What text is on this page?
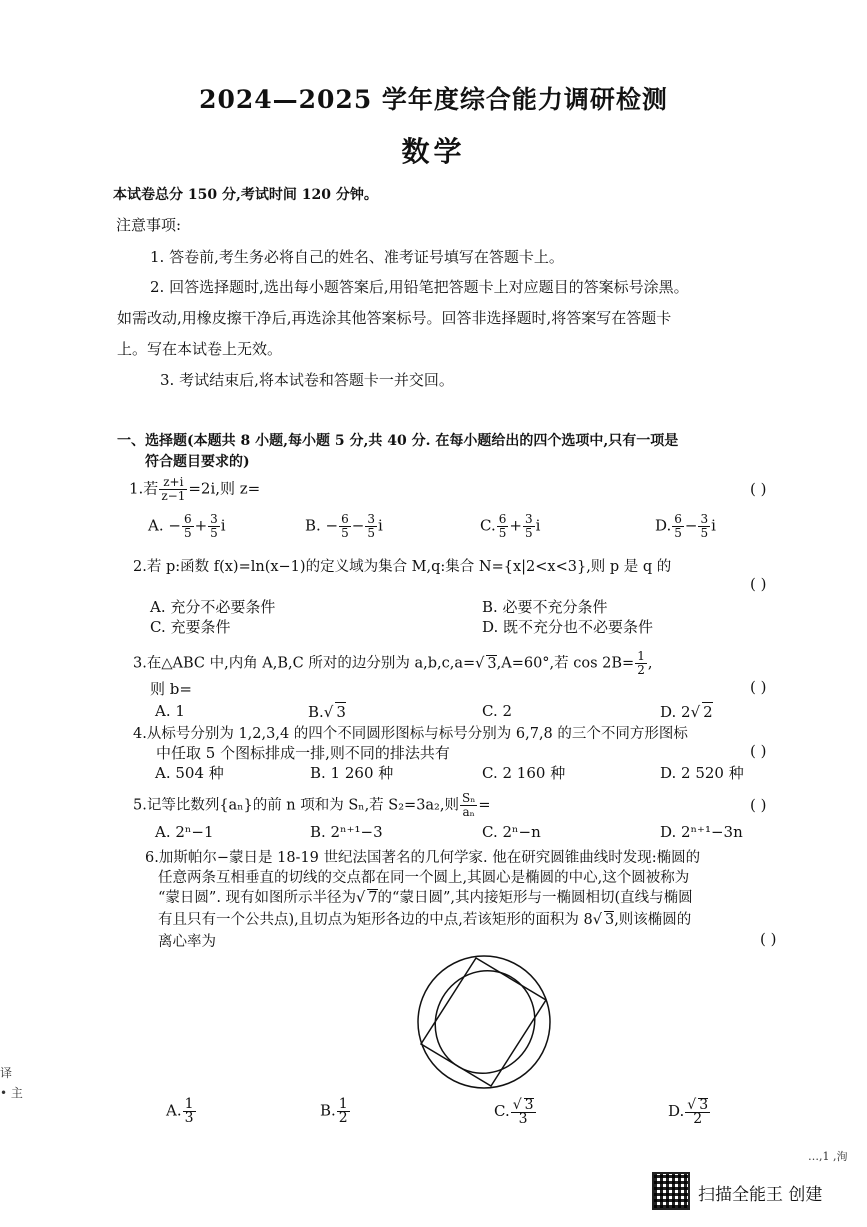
2024—2025 学年度综合能力调研检测
数学
本试卷总分 150 分,考试时间 120 分钟。
注意事项:
1. 答卷前,考生务必将自己的姓名、准考证号填写在答题卡上。
2. 回答选择题时,选出每小题答案后,用铅笔把答题卡上对应题目的答案标号涂黑。
如需改动,用橡皮擦干净后,再选涂其他答案标号。回答非选择题时,将答案写在答题卡
上。写在本试卷上无效。
3. 考试结束后,将本试卷和答题卡一并交回。
一、选择题(本题共 8 小题,每小题 5 分,共 40 分. 在每小题给出的四个选项中,只有一项是
符合题目要求的)
1.若 $\frac{z+i}{z-1} =2i$,则 z=	( )
A. − $\frac{6}{5} + \frac{3}{5}$ i	B. − $\frac{6}{5} - \frac{3}{5}$ i	C. $\frac{6}{5} + \frac{3}{5}$ i	D. $\frac{6}{5} - \frac{3}{5}$ i
2.若 p:函数 f(x)=ln(x−1)的定义域为集合 M,q:集合 N={x|2<x<3},则 p 是 q 的
( )
A. 充分不必要条件	B. 必要不充分条件
C. 充要条件	D. 既不充分也不必要条件
3.在△ABC 中,内角 A,B,C 所对的边分别为 a,b,c,a=√ 3,A=60°,若 $\cos 2B= \frac{1}{2}$ ,
则 b=	( )
A. 1	B.√ 3	C. 2	D. 2√ 2
4.从标号分别为 1,2,3,4 的四个不同圆形图标与标号分别为 6,7,8 的三个不同方形图标
中任取 5 个图标排成一排,则不同的排法共有	( )
A. 504 种	B. 1 260 种	C. 2 160 种	D. 2 520 种
5.记等比数列{aₙ}的前 n 项和为 Sₙ,若 S₂=3a₂,则 $\frac{\text{Sₙ}}{\text{aₙ}}$ =	( )
A. 2ⁿ−1	B. 2ⁿ⁺¹−3	C. 2ⁿ−n	D. 2ⁿ⁺¹−3n
6.加斯帕尔−蒙日是 18-19 世纪法国著名的几何学家. 他在研究圆锥曲线时发现:椭圆的
任意两条互相垂直的切线的交点都在同一个圆上,其圆心是椭圆的中心,这个圆被称为
“蒙日圆”. 现有如图所示半径为√ 7的“蒙日圆”,其内接矩形与一椭圆相切(直线与椭圆
有且只有一个公共点),且切点为矩形各边的中点,若该矩形的面积为 8√ 3,则该椭圆的
离心率为	( )
A. $\frac{1}{3}$	B. $\frac{1}{2}$	C. $\frac{√ 3}{3}$	D. $\frac{√ 3}{2}$
译
• 主
…,1 ,洵
扫描全能王 创建
